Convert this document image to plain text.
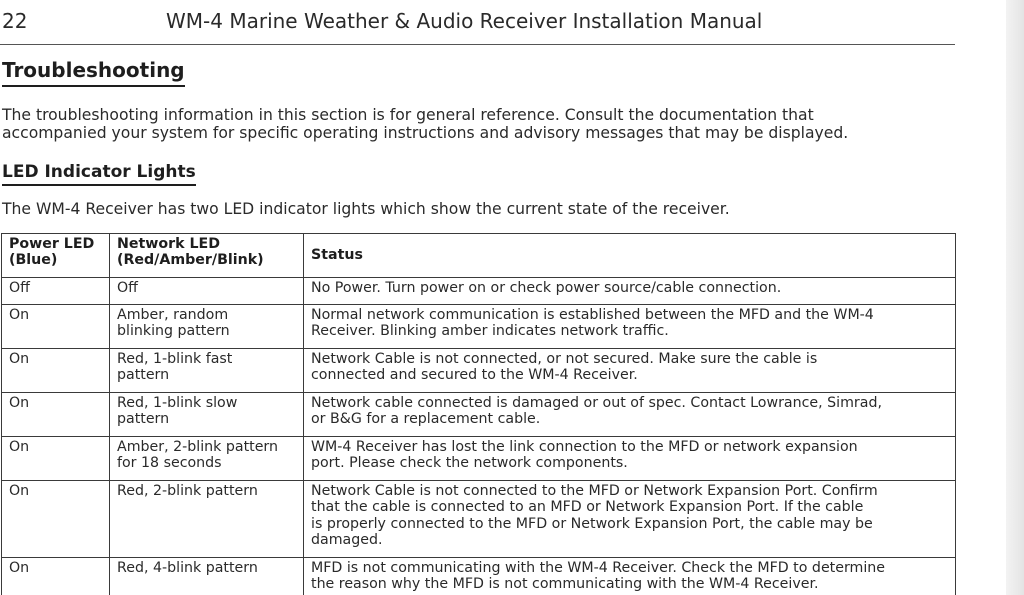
22	WM-4 Marine Weather & Audio Receiver Installation Manual
Troubleshooting

The troubleshooting information in this section is for general reference. Consult the documentation that

accompanied your system for specific operating instructions and advisory messages that may be displayed.

LED Indicator Lights
The WM-4 Receiver has two LED indicator lights which show the current state of the receiver.
Power LED
(Blue)	Network LED
(Red/Amber/Blink)	Status

Off	Off	No Power. Turn power on or check power source/cable connection.

On	Amber, random
blinking pattern	Normal network communication is established between the MFD and the WM-4
Receiver. Blinking amber indicates network traffic.

On	Red, 1-blink fast
pattern	Network Cable is not connected, or not secured. Make sure the cable is
connected and secured to the WM-4 Receiver.

On	Red, 1-blink slow
pattern	Network cable connected is damaged or out of spec. Contact Lowrance, Simrad,
or B&G for a replacement cable.

On	Amber, 2-blink pattern
for 18 seconds	WM-4 Receiver has lost the link connection to the MFD or network expansion
port. Please check the network components.

On	Red, 2-blink pattern	Network Cable is not connected to the MFD or Network Expansion Port. Confirm
that the cable is connected to an MFD or Network Expansion Port. If the cable
is properly connected to the MFD or Network Expansion Port, the cable may be
damaged.

On	Red, 4-blink pattern	MFD is not communicating with the WM-4 Receiver. Check the MFD to determine
the reason why the MFD is not communicating with the WM-4 Receiver.
